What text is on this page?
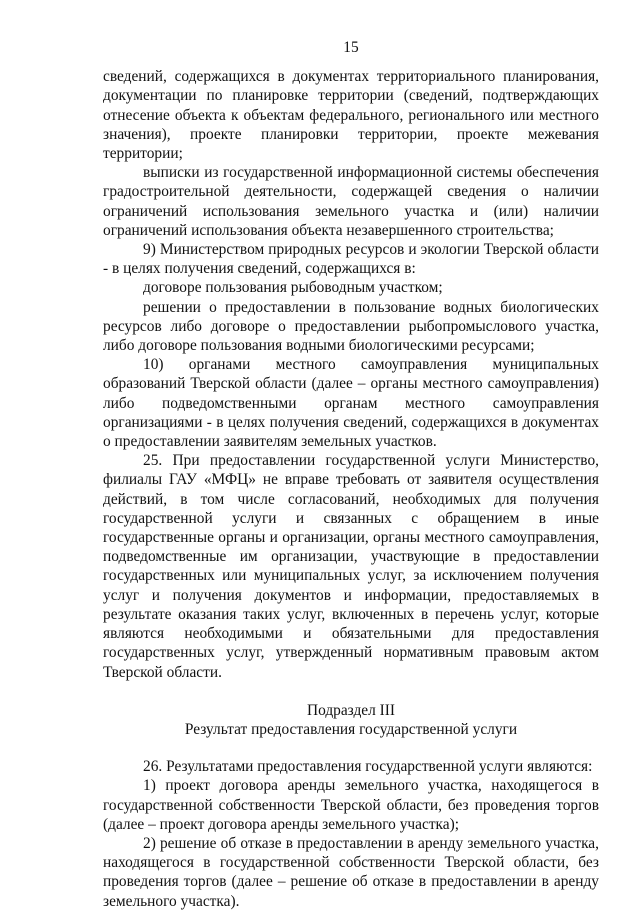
15

сведений, содержащихся в документах территориального планирования, документации по планировке территории (сведений, подтверждающих отнесение объекта к объектам федерального, регионального или местного значения), проекте планировки территории, проекте межевания территории;

выписки из государственной информационной системы обеспечения градостроительной деятельности, содержащей сведения о наличии ограничений использования земельного участка и (или) наличии ограничений использования объекта незавершенного строительства;

9) Министерством природных ресурсов и экологии Тверской области - в целях получения сведений, содержащихся в:

договоре пользования рыбоводным участком;

решении о предоставлении в пользование водных биологических ресурсов либо договоре о предоставлении рыбопромыслового участка, либо договоре пользования водными биологическими ресурсами;

10) органами местного самоуправления муниципальных образований Тверской области (далее – органы местного самоуправления) либо подведомственными органам местного самоуправления организациями - в целях получения сведений, содержащихся в документах о предоставлении заявителям земельных участков.

25. При предоставлении государственной услуги Министерство, филиалы ГАУ «МФЦ» не вправе требовать от заявителя осуществления действий, в том числе согласований, необходимых для получения государственной услуги и связанных с обращением в иные государственные органы и организации, органы местного самоуправления, подведомственные им организации, участвующие в предоставлении государственных или муниципальных услуг, за исключением получения услуг и получения документов и информации, предоставляемых в результате оказания таких услуг, включенных в перечень услуг, которые являются необходимыми и обязательными для предоставления государственных услуг, утвержденный нормативным правовым актом Тверской области.

Подраздел III

Результат предоставления государственной услуги

26. Результатами предоставления государственной услуги являются:

1) проект договора аренды земельного участка, находящегося в государственной собственности Тверской области, без проведения торгов (далее – проект договора аренды земельного участка);

2) решение об отказе в предоставлении в аренду земельного участка, находящегося в государственной собственности Тверской области, без проведения торгов (далее – решение об отказе в предоставлении в аренду земельного участка).
